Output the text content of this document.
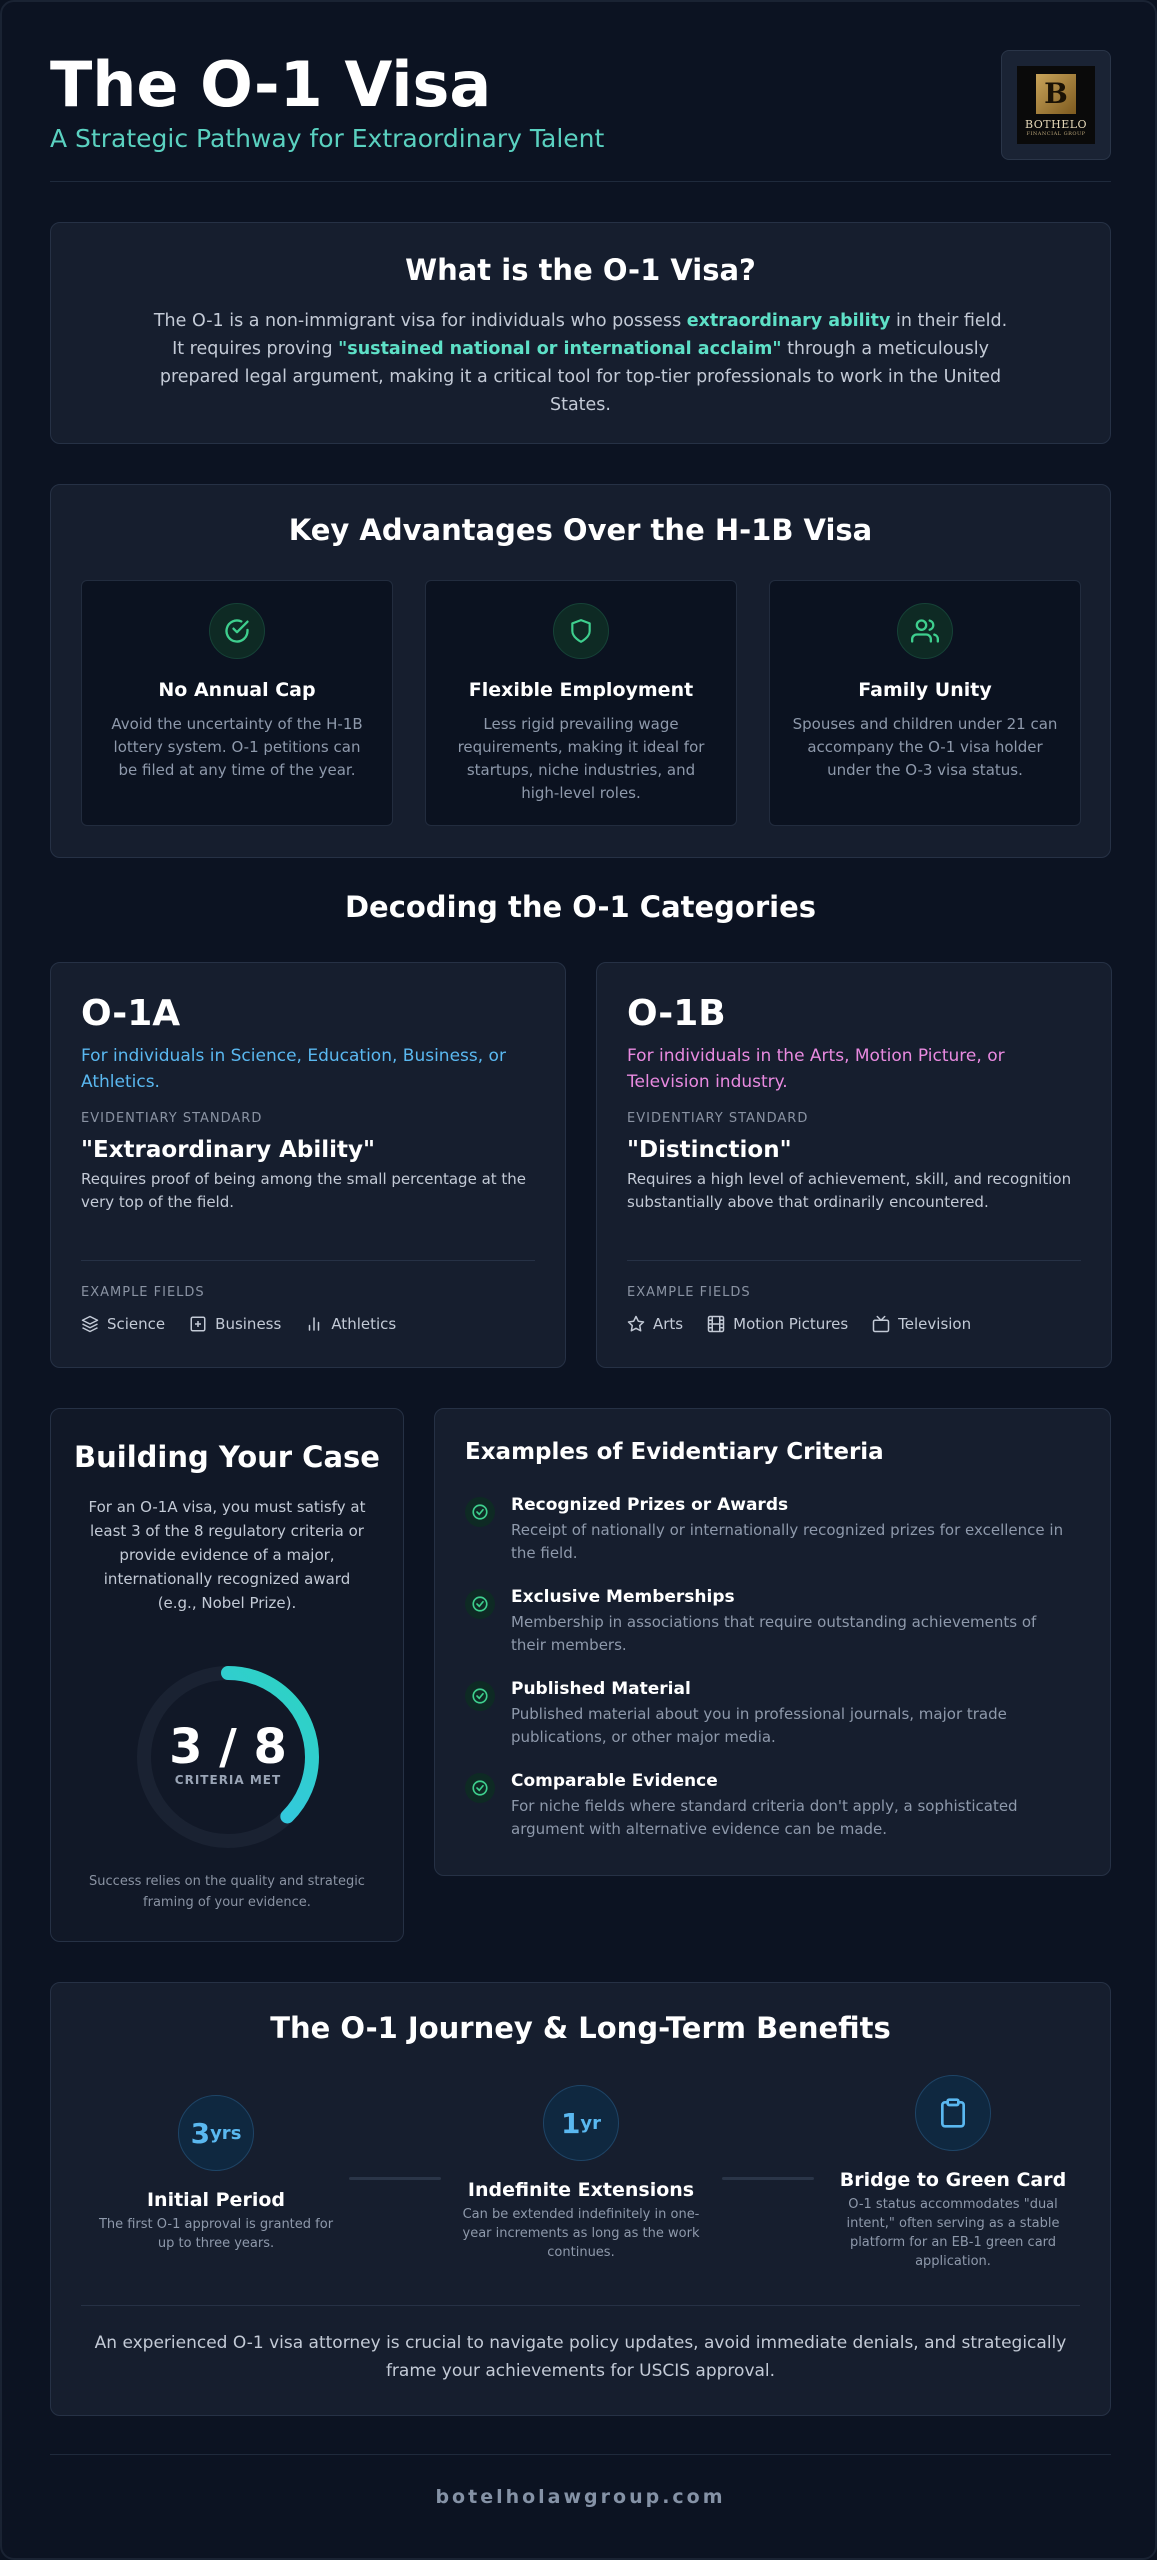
The O-1 Visa
A Strategic Pathway for Extraordinary Talent
B
BOTHELO
FINANCIAL GROUP
What is the O-1 Visa?

The O-1 is a non-immigrant visa for individuals who possess extraordinary ability in their field. It requires proving "sustained national or international acclaim" through a meticulously prepared legal argument, making it a critical tool for top-tier professionals to work in the United States.

Key Advantages Over the H-1B Visa
No Annual Cap

Avoid the uncertainty of the H-1B lottery system. O-1 petitions can be filed at any time of the year.

Flexible Employment

Less rigid prevailing wage requirements, making it ideal for startups, niche industries, and high-level roles.

Family Unity

Spouses and children under 21 can accompany the O-1 visa holder under the O-3 visa status.

Decoding the O-1 Categories
O-1A
For individuals in Science, Education, Business, or Athletics.
EVIDENTIARY STANDARD
"Extraordinary Ability"
Requires proof of being among the small percentage at the very top of the field.
EXAMPLE FIELDS
Science	Business	Athletics
O-1B
For individuals in the Arts, Motion Picture, or Television industry.
EVIDENTIARY STANDARD
"Distinction"
Requires a high level of achievement, skill, and recognition substantially above that ordinarily encountered.
EXAMPLE FIELDS
Arts	Motion Pictures	Television
Building Your Case

For an O-1A visa, you must satisfy at least 3 of the 8 regulatory criteria or provide evidence of a major, internationally recognized award (e.g., Nobel Prize).

3 / 8
CRITERIA MET

Success relies on the quality and strategic framing of your evidence.

Examples of Evidentiary Criteria
Recognized Prizes or Awards

Receipt of nationally or internationally recognized prizes for excellence in the field.

Exclusive Memberships

Membership in associations that require outstanding achievements of their members.

Published Material

Published material about you in professional journals, major trade publications, or other major media.

Comparable Evidence

For niche fields where standard criteria don't apply, a sophisticated argument with alternative evidence can be made.

The O-1 Journey & Long-Term Benefits
3 yrs
Initial Period

The first O-1 approval is granted for up to three years.

1 yr
Indefinite Extensions

Can be extended indefinitely in one-year increments as long as the work continues.

Bridge to Green Card

O-1 status accommodates "dual intent," often serving as a stable platform for an EB-1 green card application.

An experienced O-1 visa attorney is crucial to navigate policy updates, avoid immediate denials, and strategically frame your achievements for USCIS approval.
botelholawgroup.com
